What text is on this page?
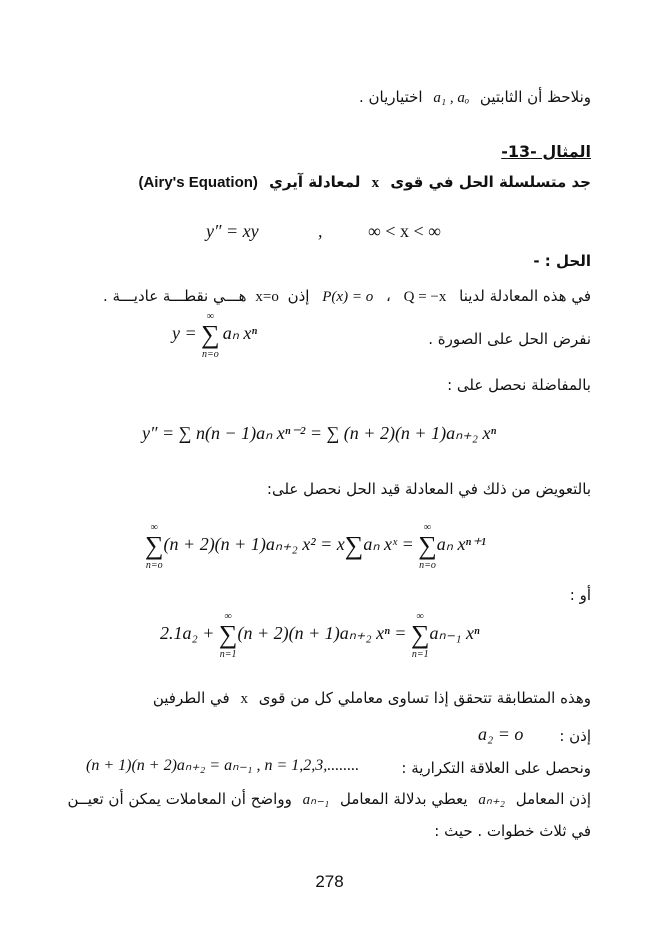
ونلاحظ أن الثابتين a₁ , aₒ اختياريان .
المثال -13-
جد متسلسلة الحل في قوى x لمعادلة آيري (Airy's Equation)
y″ = xy	,	∞ < x < ∞
الحل : -
في هذه المعادلة لدينا P(x) = o ، Q = −x إذن x=o هـــي نقطـــة عاديـــة .
نفرض الحل على الصورة .
y = ∑
∞
n=o
aₙ xⁿ
بالمفاضلة نحصل على :
y″ = ∑ n(n − 1)aₙ xⁿ⁻² = ∑ (n + 2)(n + 1)aₙ₊₂ xⁿ
بالتعويض من ذلك في المعادلة قيد الحل نحصل على:
∑
∞
n=o
(n + 2)(n + 1)aₙ₊₂ x² = x∑aₙ xˣ = ∑
∞
n=o
aₙ xⁿ⁺¹
أو :
2.1a₂ + ∑
∞
n=1
(n + 2)(n + 1)aₙ₊₂ xⁿ = ∑
∞
n=1
aₙ₋₁ xⁿ
وهذه المتطابقة تتحقق إذا تساوى معاملي كل من قوى x في الطرفين
إذن :
a₂ = o
ونحصل على العلاقة التكرارية :
(n + 1)(n + 2)aₙ₊₂ = aₙ₋₁ , n = 1,2,3,........
إذن المعامل aₙ₊₂ يعطي بدلالة المعامل aₙ₋₁ وواضح أن المعاملات يمكن أن تعيــن
في ثلاث خطوات . حيث :
278
